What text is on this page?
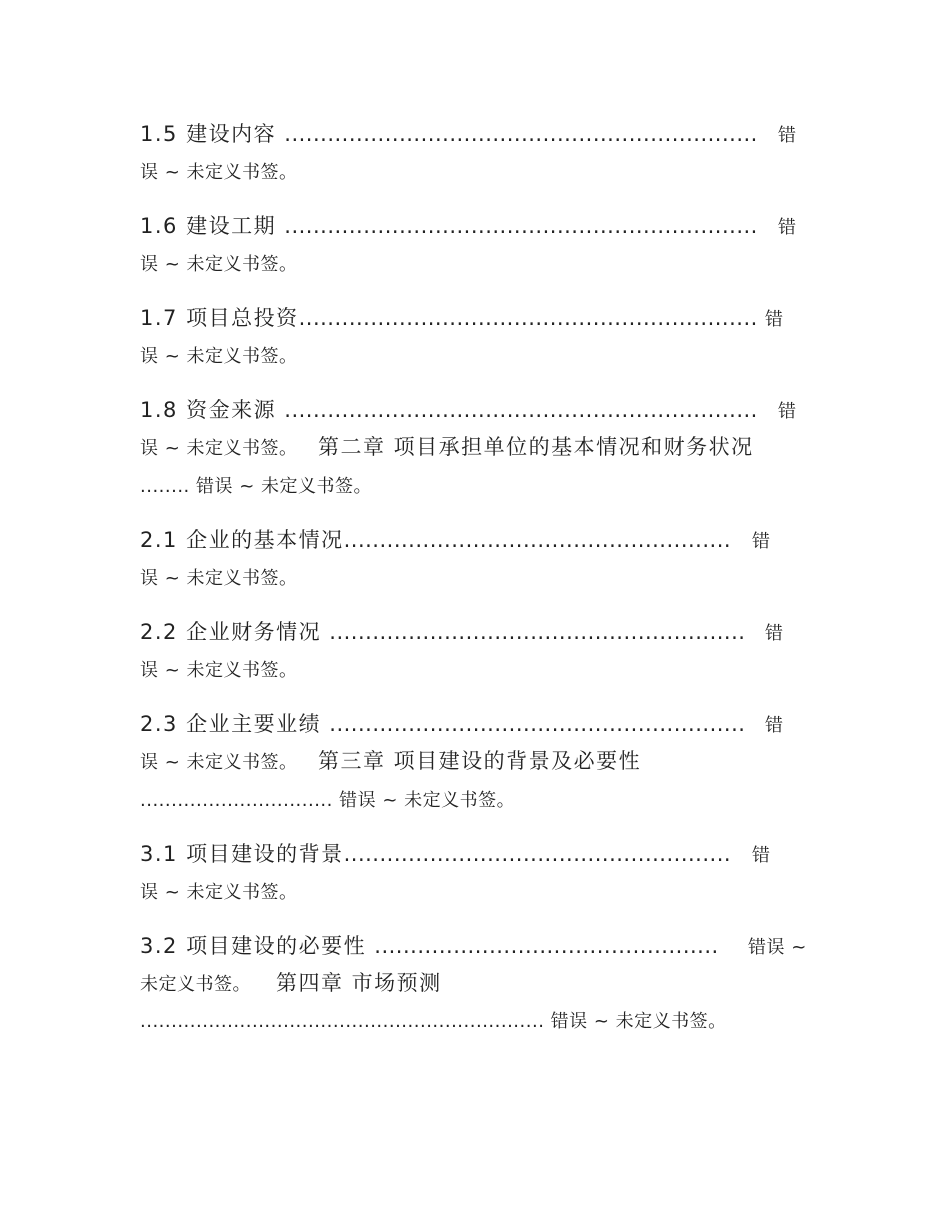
1.5 建设内容 .................................................................. 错
误 ~ 未定义书签。
1.6 建设工期 .................................................................. 错
误 ~ 未定义书签。
1.7 项目总投资................................................................ 错
误 ~ 未定义书签。
1.8 资金来源 .................................................................. 错
误 ~ 未定义书签。 第二章 项目承担单位的基本情况和财务状况
........ 错误 ~ 未定义书签。
2.1 企业的基本情况...................................................... 错
误 ~ 未定义书签。
2.2 企业财务情况 .......................................................... 错
误 ~ 未定义书签。
2.3 企业主要业绩 .......................................................... 错
误 ~ 未定义书签。 第三章 项目建设的背景及必要性
............................... 错误 ~ 未定义书签。
3.1 项目建设的背景...................................................... 错
误 ~ 未定义书签。
3.2 项目建设的必要性 ................................................ 错误 ~
未定义书签。 第四章 市场预测
................................................................. 错误 ~ 未定义书签。
